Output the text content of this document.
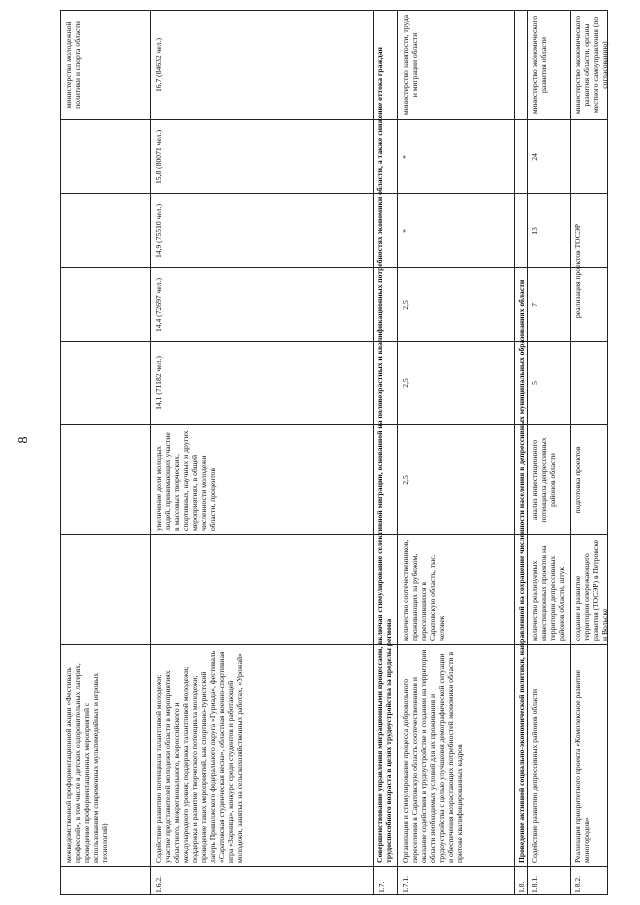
8
межведомственной профориентационной акции «Фестиваль профессий», в том числе в детских оздоровительных лагерях, проведение профориентационных мероприятий с использованием современных мультимедийных и игровых технологий)
министерство молодежной политики и спорта области
1.6.2.
Содействие развитию потенциала талантливой молодежи: участие представителей молодежи области в мероприятиях областного, межрегионального, всероссийского и международного уровня; поддержка талантливой молодежи; поддержка и развитие творческого потенциала молодежи; проведение таких мероприятий, как спортивно-туристский лагерь Приволжского федерального округа «Гуриада», фестиваль «Саратовская студенческая весна», областная военно-спортивная игра «Зарница», конкурс среди студентов и работающей молодежи, занятых на сельскохозяйственных работах, «Урожай»
увеличение доли молодых людей, принимающих участие в массовых творческих, спортивных, научных и других мероприятиях, в общей численности молодежи области, процентов
14,1 (71182 чел.)
14,4 (72697 чел.)
14,9 (75510 чел.)
15,8 (80071 чел.)
16,7 (84632 чел.)
1.7.
Совершенствование управления миграционными процессами, включая стимулирование селективной миграции, основанной на половозрастных и квалификационных потребностях экономики области, а также снижение оттока граждан трудоспособного возраста в целях трудоустройства за пределы региона
1.7.1.
Организация и стимулирование процесса добровольного переселения в Саратовскую область соотечественников и оказание содействия в трудоустройстве и создании на территории области необходимых условий для их проживания и трудоустройства с целью улучшения демографической ситуации и обеспечения возрастающих потребностей экономики области в притоке квалифицированных кадров
количество соотечественников, проживающих за рубежом, переселившихся в Саратовскую область, тыс. человек
2,5
2,5
2,5
*
*
министерство занятости, труда и миграции области
1.8.
Проведение активной социально-экономической политики, направленной на сохранение численности населения в депрессивных муниципальных образованиях области
1.8.1.
Содействие развитию депрессивных районов области
количество реализуемых инвестиционных проектов на территории депрессивных районов области, штук
анализ инвестиционного потенциала депрессивных районов области
5
7
13
24
министерство экономического развития области
1.8.2.
Реализация приоритетного проекта «Комплексное развитие моногородов»
создание и развитие территории опережающего развития (ТОСЭР) в Петровске и Вольске
подготовка проектов
реализация проектов ТОСЭР
министерство экономического развития области, органы местного самоуправления (по согласованию)
